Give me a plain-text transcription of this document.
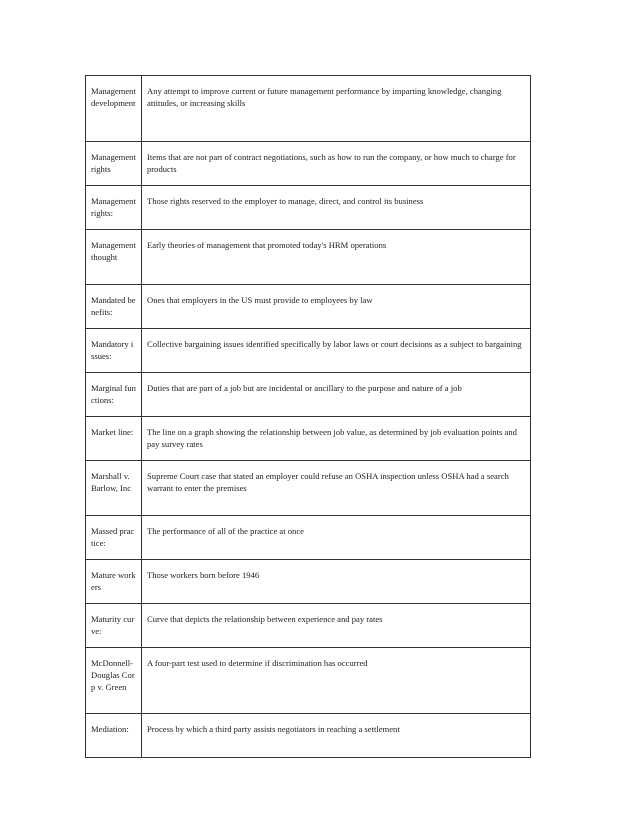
Management development	Any attempt to improve current or future management performance by imparting knowledge, changing attitudes, or increasing skills
Management rights	Items that are not part of contract negotiations, such as how to run the company, or how much to charge for products
Management rights:	Those rights reserved to the employer to manage, direct, and control its business
Management thought	Early theories of management that promoted today's HRM operations
Mandated benefits:	Ones that employers in the US must provide to employees by law
Mandatory issues:	Collective bargaining issues identified specifically by labor laws or court decisions as a subject to bargaining
Marginal functions:	Duties that are part of a job but are incidental or ancillary to the purpose and nature of a job
Market line:	The line on a graph showing the relationship between job value, as determined by job evaluation points and pay survey rates
Marshall v. Barlow, Inc	Supreme Court case that stated an employer could refuse an OSHA inspection unless OSHA had a search warrant to enter the premises
Massed practice:	The performance of all of the practice at once
Mature workers	Those workers born before 1946
Maturity curve:	Curve that depicts the relationship between experience and pay rates
McDonnell-Douglas Corp v. Green	A four-part test used to determine if discrimination has occurred
Mediation:	Process by which a third party assists negotiators in reaching a settlement
